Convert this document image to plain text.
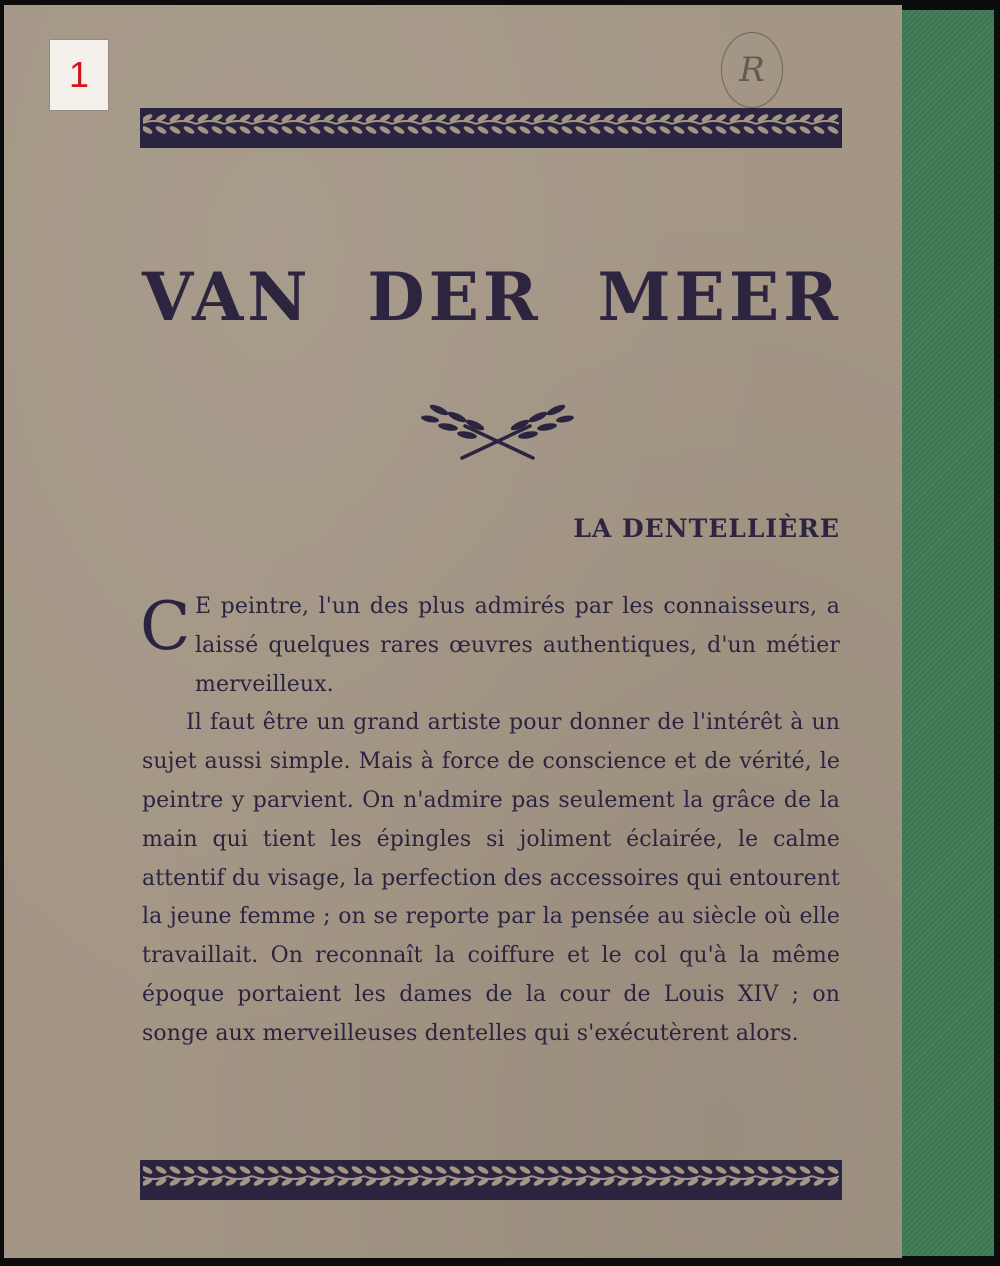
1	R
VAN DER MEER
LA DENTELLIÈRE

C E peintre, l'un des plus admirés par les connaisseurs, a laissé quelques rares œuvres authentiques, d'un métier merveilleux.

Il faut être un grand artiste pour donner de l'intérêt à un sujet aussi simple. Mais à force de conscience et de vérité, le peintre y parvient. On n'admire pas seulement la grâce de la main qui tient les épingles si joliment éclairée, le calme attentif du visage, la perfection des accessoires qui entourent la jeune femme ; on se reporte par la pensée au siècle où elle travaillait. On reconnaît la coiffure et le col qu'à la même époque portaient les dames de la cour de Louis XIV ; on songe aux merveilleuses dentelles qui s'exécutèrent alors.
